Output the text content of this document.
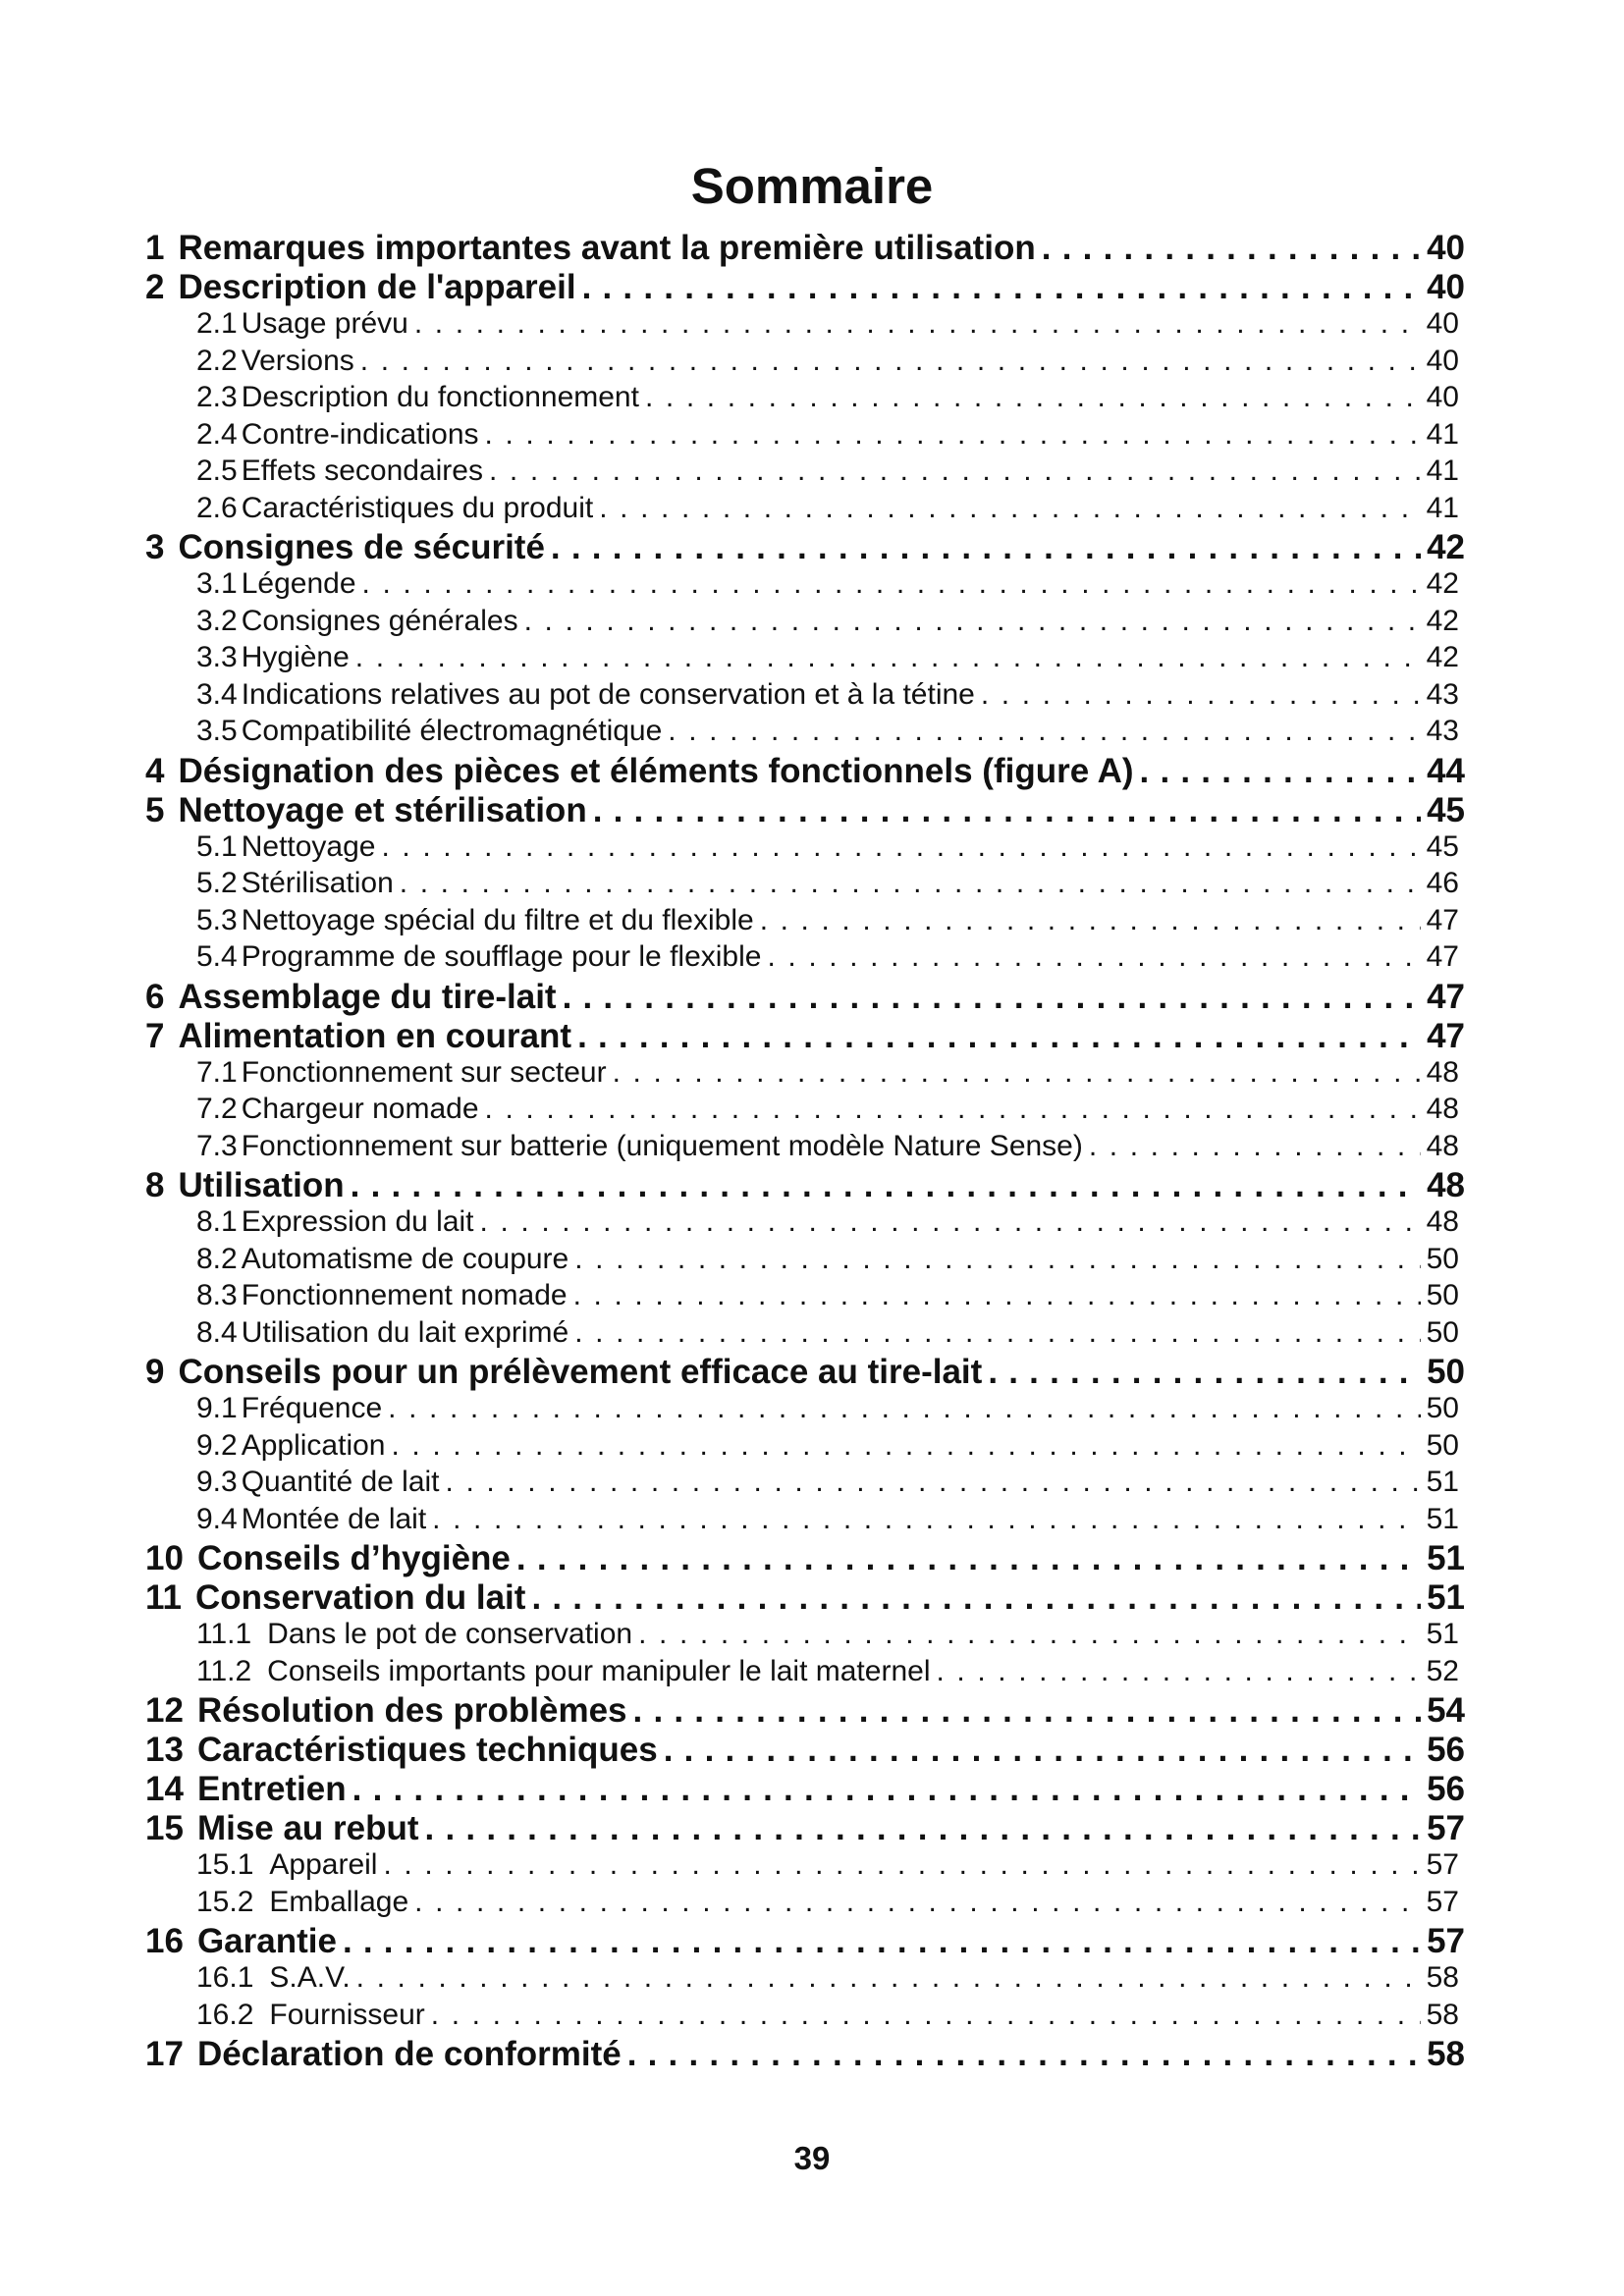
Sommaire
1 Remarques importantes avant la première utilisation .....	40
2 Description de l'appareil .....	40
2.1 Usage prévu .....	40
2.2 Versions .....	40
2.3 Description du fonctionnement .....	40
2.4 Contre-indications .....	41
2.5 Effets secondaires .....	41
2.6 Caractéristiques du produit .....	41
3 Consignes de sécurité .....	42
3.1 Légende .....	42
3.2 Consignes générales .....	42
3.3 Hygiène .....	42
3.4 Indications relatives au pot de conservation et à la tétine .....	43
3.5 Compatibilité électromagnétique .....	43
4 Désignation des pièces et éléments fonctionnels (figure A) .....	44
5 Nettoyage et stérilisation .....	45
5.1 Nettoyage .....	45
5.2 Stérilisation .....	46
5.3 Nettoyage spécial du filtre et du flexible .....	47
5.4 Programme de soufflage pour le flexible .....	47
6 Assemblage du tire-lait .....	47
7 Alimentation en courant .....	47
7.1 Fonctionnement sur secteur .....	48
7.2 Chargeur nomade .....	48
7.3 Fonctionnement sur batterie (uniquement modèle Nature Sense) .....	48
8 Utilisation .....	48
8.1 Expression du lait .....	48
8.2 Automatisme de coupure .....	50
8.3 Fonctionnement nomade .....	50
8.4 Utilisation du lait exprimé .....	50
9 Conseils pour un prélèvement efficace au tire-lait .....	50
9.1 Fréquence .....	50
9.2 Application .....	50
9.3 Quantité de lait .....	51
9.4 Montée de lait .....	51
10 Conseils d’hygiène .....	51
11 Conservation du lait .....	51
11.1 Dans le pot de conservation .....	51
11.2 Conseils importants pour manipuler le lait maternel .....	52
12 Résolution des problèmes .....	54
13 Caractéristiques techniques .....	56
14 Entretien .....	56
15 Mise au rebut .....	57
15.1 Appareil .....	57
15.2 Emballage .....	57
16 Garantie .....	57
16.1 S.A.V. .....	58
16.2 Fournisseur .....	58
17 Déclaration de conformité .....	58
39
